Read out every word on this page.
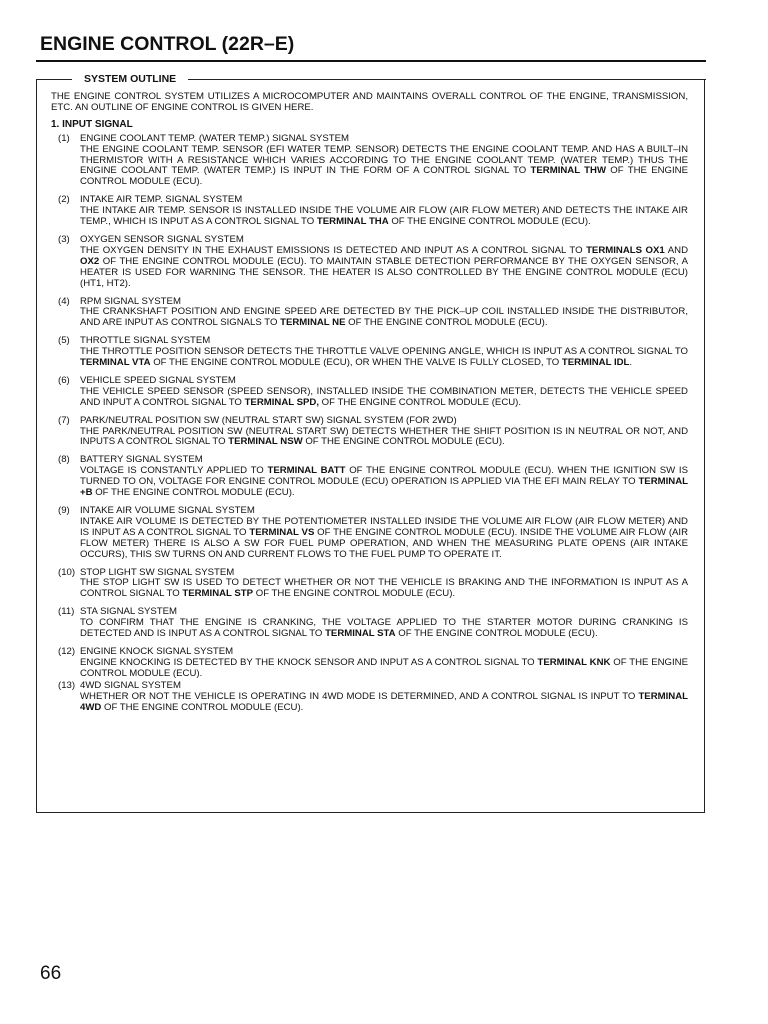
ENGINE CONTROL (22R–E)
SYSTEM OUTLINE

THE ENGINE CONTROL SYSTEM UTILIZES A MICROCOMPUTER AND MAINTAINS OVERALL CONTROL OF THE ENGINE, TRANSMISSION, ETC. AN OUTLINE OF ENGINE CONTROL IS GIVEN HERE.

1. INPUT SIGNAL
(1)	ENGINE COOLANT TEMP. (WATER TEMP.) SIGNAL SYSTEM
THE ENGINE COOLANT TEMP. SENSOR (EFI WATER TEMP. SENSOR) DETECTS THE ENGINE COOLANT TEMP. AND HAS A BUILT–IN THERMISTOR WITH A RESISTANCE WHICH VARIES ACCORDING TO THE ENGINE COOLANT TEMP. (WATER TEMP.) THUS THE ENGINE COOLANT TEMP. (WATER TEMP.) IS INPUT IN THE FORM OF A CONTROL SIGNAL TO TERMINAL THW OF THE ENGINE CONTROL MODULE (ECU).
(2)	INTAKE AIR TEMP. SIGNAL SYSTEM
THE INTAKE AIR TEMP. SENSOR IS INSTALLED INSIDE THE VOLUME AIR FLOW (AIR FLOW METER) AND DETECTS THE INTAKE AIR TEMP., WHICH IS INPUT AS A CONTROL SIGNAL TO TERMINAL THA OF THE ENGINE CONTROL MODULE (ECU).
(3)	OXYGEN SENSOR SIGNAL SYSTEM
THE OXYGEN DENSITY IN THE EXHAUST EMISSIONS IS DETECTED AND INPUT AS A CONTROL SIGNAL TO TERMINALS OX1 AND OX2 OF THE ENGINE CONTROL MODULE (ECU). TO MAINTAIN STABLE DETECTION PERFORMANCE BY THE OXYGEN SENSOR, A HEATER IS USED FOR WARNING THE SENSOR. THE HEATER IS ALSO CONTROLLED BY THE ENGINE CONTROL MODULE (ECU) (HT1, HT2).
(4)	RPM SIGNAL SYSTEM
THE CRANKSHAFT POSITION AND ENGINE SPEED ARE DETECTED BY THE PICK–UP COIL INSTALLED INSIDE THE DISTRIBUTOR, AND ARE INPUT AS CONTROL SIGNALS TO TERMINAL NE OF THE ENGINE CONTROL MODULE (ECU).
(5)	THROTTLE SIGNAL SYSTEM
THE THROTTLE POSITION SENSOR DETECTS THE THROTTLE VALVE OPENING ANGLE, WHICH IS INPUT AS A CONTROL SIGNAL TO TERMINAL VTA OF THE ENGINE CONTROL MODULE (ECU), OR WHEN THE VALVE IS FULLY CLOSED, TO TERMINAL IDL.
(6)	VEHICLE SPEED SIGNAL SYSTEM
THE VEHICLE SPEED SENSOR (SPEED SENSOR), INSTALLED INSIDE THE COMBINATION METER, DETECTS THE VEHICLE SPEED AND INPUT A CONTROL SIGNAL TO TERMINAL SPD, OF THE ENGINE CONTROL MODULE (ECU).
(7)	PARK/NEUTRAL POSITION SW (NEUTRAL START SW) SIGNAL SYSTEM (FOR 2WD)
THE PARK/NEUTRAL POSITION SW (NEUTRAL START SW) DETECTS WHETHER THE SHIFT POSITION IS IN NEUTRAL OR NOT, AND INPUTS A CONTROL SIGNAL TO TERMINAL NSW OF THE ENGINE CONTROL MODULE (ECU).
(8)	BATTERY SIGNAL SYSTEM
VOLTAGE IS CONSTANTLY APPLIED TO TERMINAL BATT OF THE ENGINE CONTROL MODULE (ECU). WHEN THE IGNITION SW IS TURNED TO ON, VOLTAGE FOR ENGINE CONTROL MODULE (ECU) OPERATION IS APPLIED VIA THE EFI MAIN RELAY TO TERMINAL +B OF THE ENGINE CONTROL MODULE (ECU).
(9)	INTAKE AIR VOLUME SIGNAL SYSTEM
INTAKE AIR VOLUME IS DETECTED BY THE POTENTIOMETER INSTALLED INSIDE THE VOLUME AIR FLOW (AIR FLOW METER) AND IS INPUT AS A CONTROL SIGNAL TO TERMINAL VS OF THE ENGINE CONTROL MODULE (ECU). INSIDE THE VOLUME AIR FLOW (AIR FLOW METER) THERE IS ALSO A SW FOR FUEL PUMP OPERATION, AND WHEN THE MEASURING PLATE OPENS (AIR INTAKE OCCURS), THIS SW TURNS ON AND CURRENT FLOWS TO THE FUEL PUMP TO OPERATE IT.
(10) STOP LIGHT SW SIGNAL SYSTEM
THE STOP LIGHT SW IS USED TO DETECT WHETHER OR NOT THE VEHICLE IS BRAKING AND THE INFORMATION IS INPUT AS A CONTROL SIGNAL TO TERMINAL STP OF THE ENGINE CONTROL MODULE (ECU).
(11) STA SIGNAL SYSTEM
TO CONFIRM THAT THE ENGINE IS CRANKING, THE VOLTAGE APPLIED TO THE STARTER MOTOR DURING CRANKING IS DETECTED AND IS INPUT AS A CONTROL SIGNAL TO TERMINAL STA OF THE ENGINE CONTROL MODULE (ECU).
(12) ENGINE KNOCK SIGNAL SYSTEM
ENGINE KNOCKING IS DETECTED BY THE KNOCK SENSOR AND INPUT AS A CONTROL SIGNAL TO TERMINAL KNK OF THE ENGINE CONTROL MODULE (ECU).
(13) 4WD SIGNAL SYSTEM
WHETHER OR NOT THE VEHICLE IS OPERATING IN 4WD MODE IS DETERMINED, AND A CONTROL SIGNAL IS INPUT TO TERMINAL 4WD OF THE ENGINE CONTROL MODULE (ECU).
66
